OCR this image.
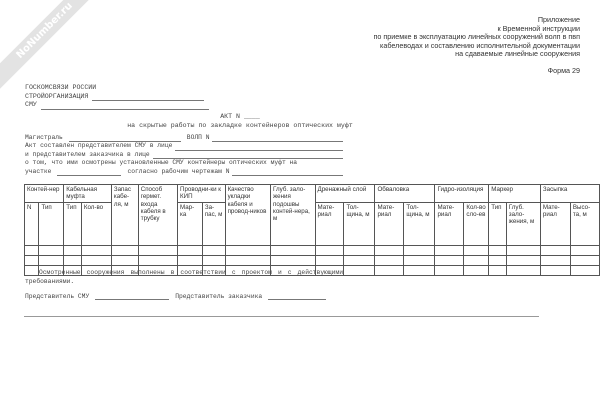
NoNumber.ru	Приложение
к Временной инструкции
по приемке в эксплуатацию линейных сооружений волп в пвп
кабелеводах и составлению исполнительной документации
на сдаваемые линейные сооружения
Форма 29
ГОСКОМСВЯЗИ РОССИИ
СТРОЙОРГАНИЗАЦИЯ
СМУ
АКТ N ____
на скрытые работы по закладке контейнеров оптических муфт
Магистраль	ВОЛП N
Акт составлен представителем СМУ в лице
и представителем заказчика в лице
о том, что ими осмотрены установленные СМУ контейнеры оптических муфт на
участке	согласно рабочим чертежам N
Контей-нер		Кабельная муфта		Запас кабе-ля, м	Способ гермет. входа кабеля в трубку	Проводни-ки к КИП		Качество укладки кабеля и провод-ников	Глуб. зало-жения подошвы контей-нера, м	Дренажный слой		Обваловка		Гидро-изоляция		Маркер		Засыпка	
N	Тип	Тип	Кол-во			Мар-ка	За-пас, м			Мате-риал	Тол-щина, м	Мате-риал	Тол-щина, м	Мате-риал	Кол-во сло-ев	Тип	Глуб. зало-жения, м	Мате-риал	Высо-та, м

Осмотренные сооружения выполнены в соответствии с проектом и с действующими требованиями.
Представитель СМУ	Представитель заказчика
